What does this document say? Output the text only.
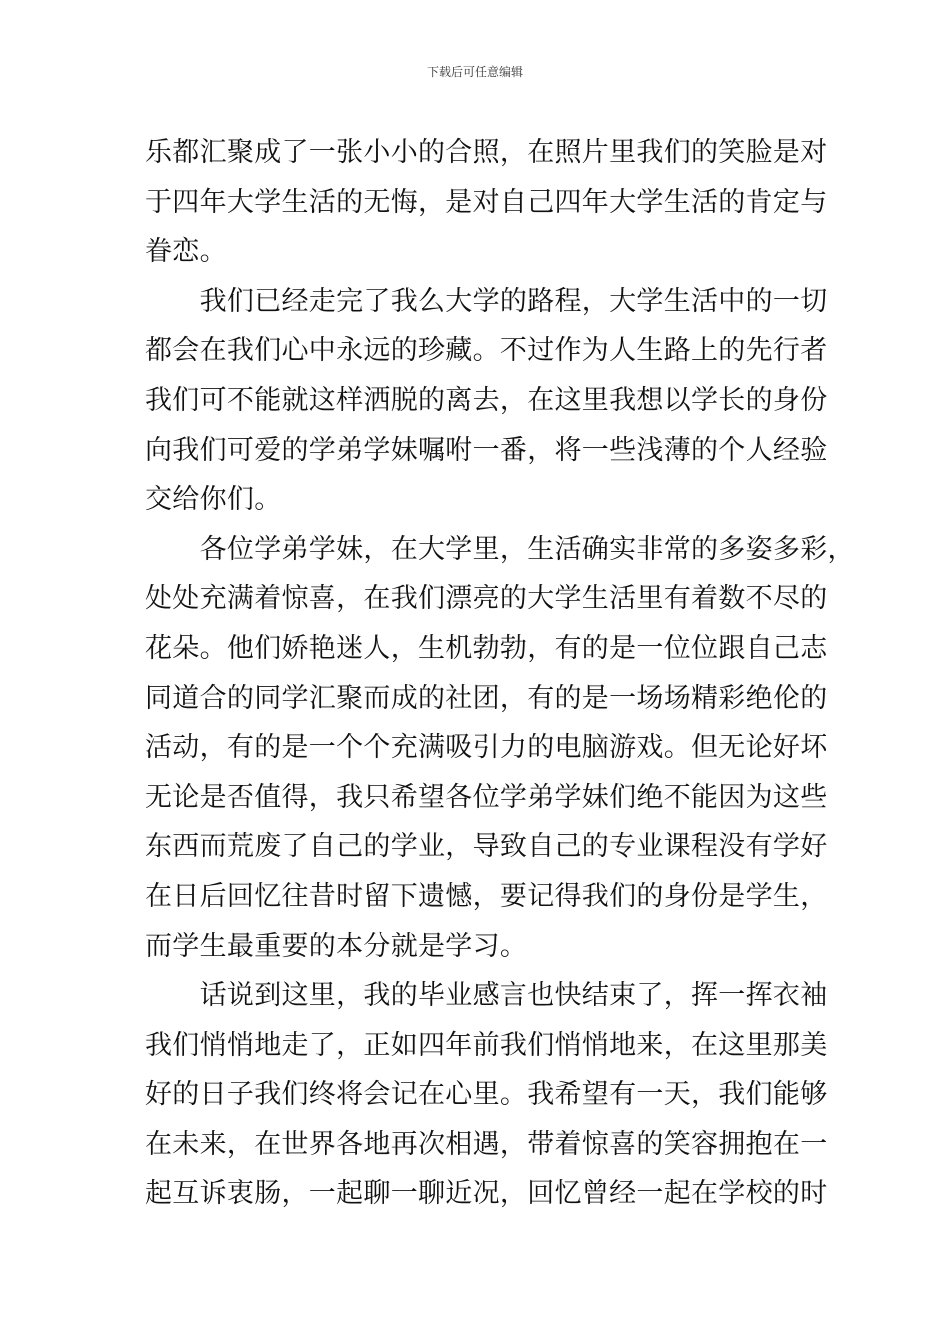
下载后可任意编辑
乐都汇聚成了一张小小的合照，在照片里我们的笑脸是对
于四年大学生活的无悔，是对自己四年大学生活的肯定与
眷恋。
　　我们已经走完了我么大学的路程，大学生活中的一切
都会在我们心中永远的珍藏。不过作为人生路上的先行者
我们可不能就这样洒脱的离去，在这里我想以学长的身份
向我们可爱的学弟学妹嘱咐一番，将一些浅薄的个人经验
交给你们。
　　各位学弟学妹，在大学里，生活确实非常的多姿多彩，
处处充满着惊喜，在我们漂亮的大学生活里有着数不尽的
花朵。他们娇艳迷人，生机勃勃，有的是一位位跟自己志
同道合的同学汇聚而成的社团，有的是一场场精彩绝伦的
活动，有的是一个个充满吸引力的电脑游戏。但无论好坏
无论是否值得，我只希望各位学弟学妹们绝不能因为这些
东西而荒废了自己的学业，导致自己的专业课程没有学好
在日后回忆往昔时留下遗憾，要记得我们的身份是学生，
而学生最重要的本分就是学习。
　　话说到这里，我的毕业感言也快结束了，挥一挥衣袖
我们悄悄地走了，正如四年前我们悄悄地来，在这里那美
好的日子我们终将会记在心里。我希望有一天，我们能够
在未来，在世界各地再次相遇，带着惊喜的笑容拥抱在一
起互诉衷肠，一起聊一聊近况，回忆曾经一起在学校的时
